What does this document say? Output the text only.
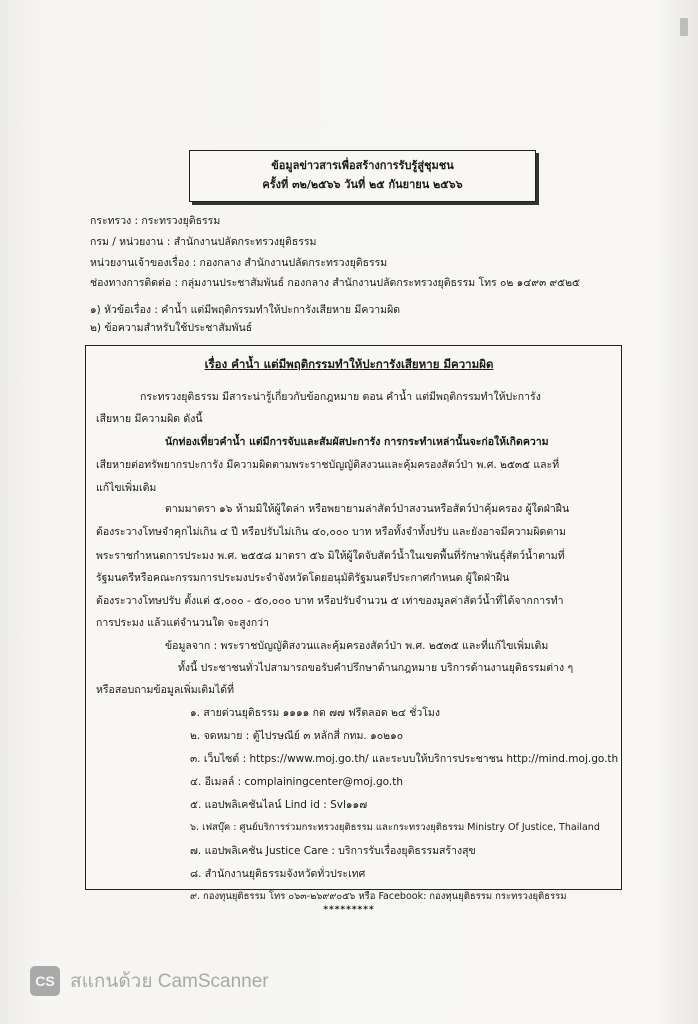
ข้อมูลข่าวสารเพื่อสร้างการรับรู้สู่ชุมชน
ครั้งที่ ๓๒/๒๕๖๖ วันที่ ๒๕ กันยายน ๒๕๖๖
กระทรวง : กระทรวงยุติธรรม
กรม / หน่วยงาน : สำนักงานปลัดกระทรวงยุติธรรม
หน่วยงานเจ้าของเรื่อง : กองกลาง สำนักงานปลัดกระทรวงยุติธรรม
ช่องทางการติดต่อ : กลุ่มงานประชาสัมพันธ์ กองกลาง สำนักงานปลัดกระทรวงยุติธรรม โทร ๐๒ ๑๔๙๓ ๙๕๒๕
๑) หัวข้อเรื่อง : คำน้ำ แต่มีพฤติกรรมทำให้ปะการังเสียหาย มีความผิด
๒) ข้อความสำหรับใช้ประชาสัมพันธ์
เรื่อง คำน้ำ แต่มีพฤติกรรมทำให้ปะการังเสียหาย มีความผิด
กระทรวงยุติธรรม มีสาระน่ารู้เกี่ยวกับข้อกฎหมาย ตอน คำน้ำ แต่มีพฤติกรรมทำให้ปะการัง
เสียหาย มีความผิด ดังนี้
นักท่องเที่ยวคำน้ำ แต่มีการจับและสัมผัสปะการัง การกระทำเหล่านั้นจะก่อให้เกิดความ
เสียหายต่อทรัพยากรปะการัง มีความผิดตามพระราชบัญญัติสงวนและคุ้มครองสัตว์ป่า พ.ศ. ๒๕๓๕ และที่
แก้ไขเพิ่มเติม
ตามมาตรา ๑๖ ห้ามมิให้ผู้ใดล่า หรือพยายามล่าสัตว์ป่าสงวนหรือสัตว์ป่าคุ้มครอง ผู้ใดฝ่าฝืน
ต้องระวางโทษจำคุกไม่เกิน ๔ ปี หรือปรับไม่เกิน ๔๐,๐๐๐ บาท หรือทั้งจำทั้งปรับ และยังอาจมีความผิดตาม
พระราชกำหนดการประมง พ.ศ. ๒๕๕๘ มาตรา ๕๖ มิให้ผู้ใดจับสัตว์น้ำในเขตพื้นที่รักษาพันธุ์สัตว์น้ำตามที่
รัฐมนตรีหรือคณะกรรมการประมงประจำจังหวัดโดยอนุมัติรัฐมนตรีประกาศกำหนด ผู้ใดฝ่าฝืน
ต้องระวางโทษปรับ ตั้งแต่ ๕,๐๐๐ - ๕๐,๐๐๐ บาท หรือปรับจำนวน ๕ เท่าของมูลค่าสัตว์น้ำที่ได้จากการทำ
การประมง แล้วแต่จำนวนใด จะสูงกว่า
ข้อมูลจาก : พระราชบัญญัติสงวนและคุ้มครองสัตว์ป่า พ.ศ. ๒๕๓๕ และที่แก้ไขเพิ่มเติม
ทั้งนี้ ประชาชนทั่วไปสามารถขอรับคำปรึกษาด้านกฎหมาย บริการด้านงานยุติธรรมต่าง ๆ
หรือสอบถามข้อมูลเพิ่มเติมได้ที่
๑. สายด่วนยุติธรรม ๑๑๑๑ กด ๗๗ ฟรีตลอด ๒๔ ชั่วโมง
๒. จดหมาย : ตู้ไปรษณีย์ ๓ หลักสี่ กทม. ๑๐๒๑๐
๓. เว็บไซต์ : https://www.moj.go.th/ และระบบให้บริการประชาชน http://mind.moj.go.th
๔. อีเมลล์ : complainingcenter@moj.go.th
๕. แอปพลิเคชันไลน์ Lind id : Svl๑๑๗
๖. เฟสบุ๊ค : ศูนย์บริการร่วมกระทรวงยุติธรรม และกระทรวงยุติธรรม Ministry Of Justice, Thailand
๗. แอปพลิเคชัน Justice Care : บริการรับเรื่องยุติธรรมสร้างสุข
๘. สำนักงานยุติธรรมจังหวัดทั่วประเทศ
๙. กองทุนยุติธรรม โทร ๐๖๓-๒๖๙๙๐๕๖ หรือ Facebook: กองทุนยุติธรรม กระทรวงยุติธรรม
*********
CS สแกนด้วย CamScanner
